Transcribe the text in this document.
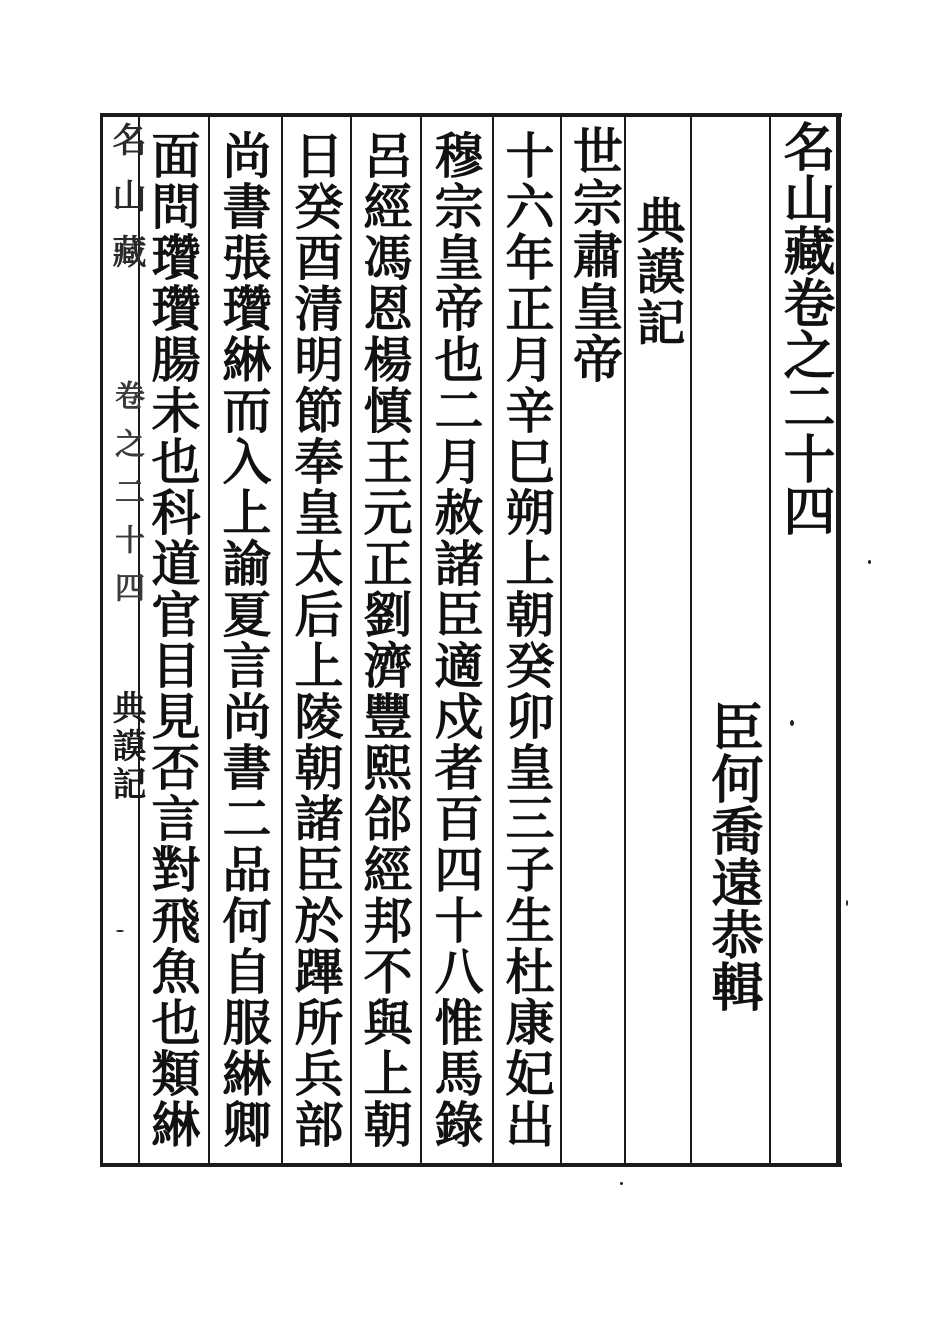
名山藏卷之二十四
臣何喬遠恭輯
典謨記
世宗肅皇帝
十六年正月辛巳朔上朝癸卯皇三子生杜康妃出
穆宗皇帝也二月赦諸臣適戍者百四十八惟馬錄
呂經馮恩楊慎王元正劉濟豐熙郃經邦不與上朝
日癸酉清明節奉皇太后上陵朝諸臣於蹕所兵部
尚書張瓚綝而入上諭夏言尚書二品何自服綝卿
面問瓚瓚腸未也科道官目見否言對飛魚也類綝
名山藏
卷之二十四
典謨記
